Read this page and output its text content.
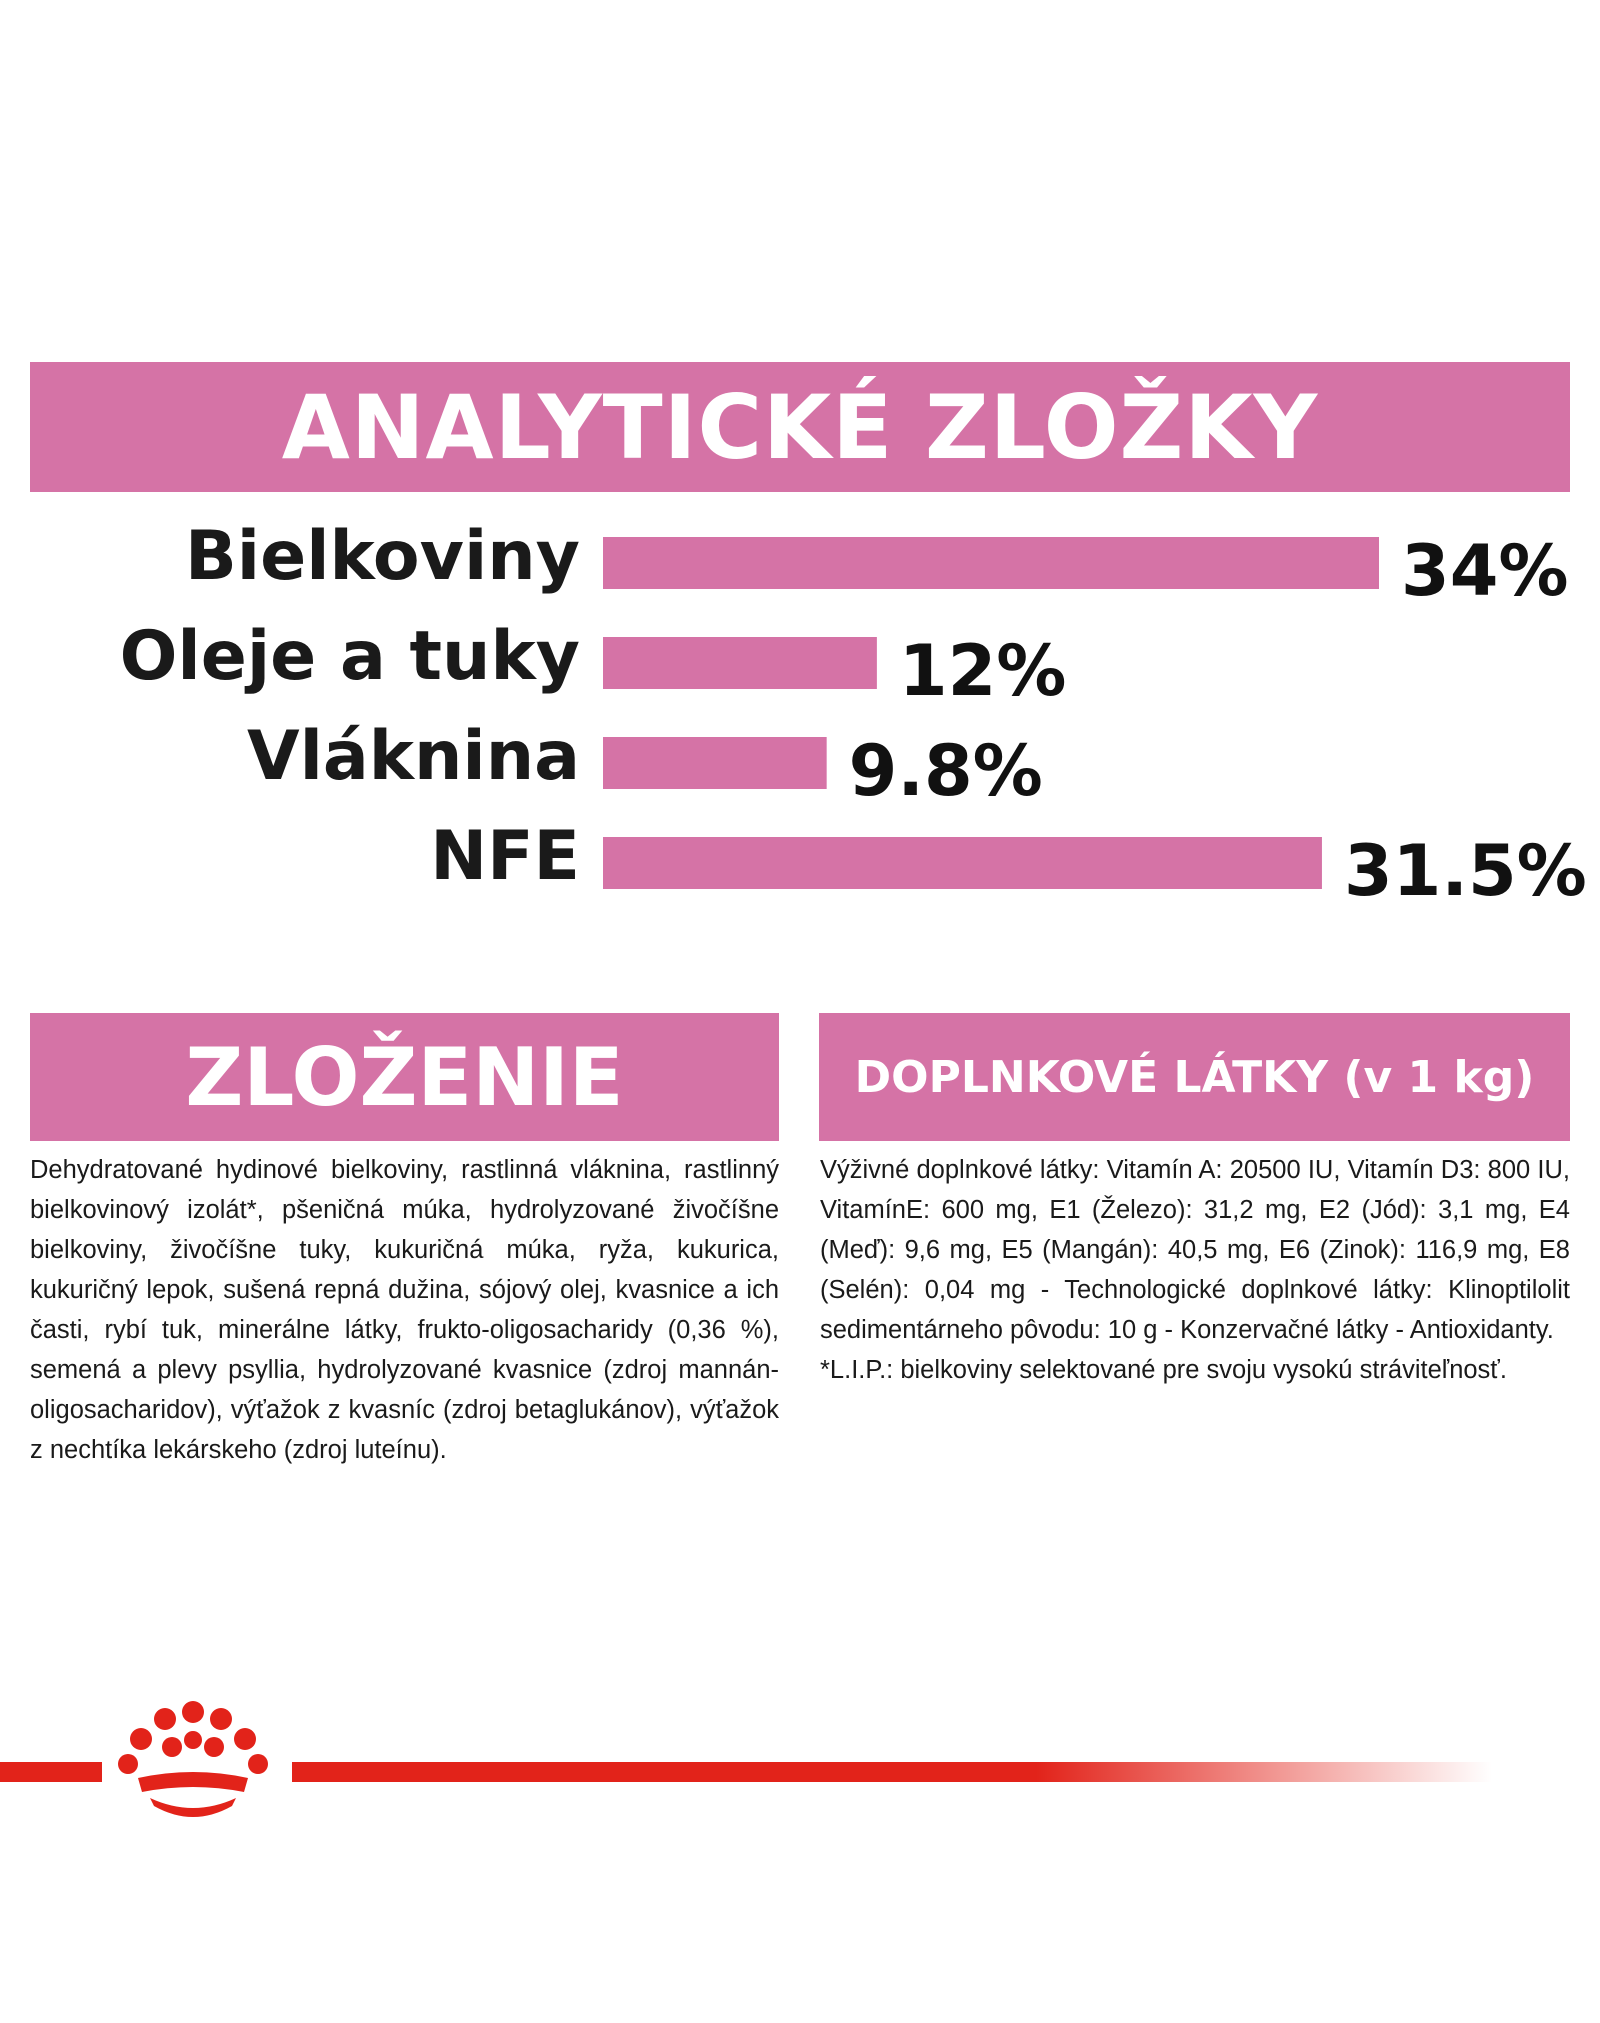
ANALYTICKÉ ZLOŽKY
Bielkoviny	34%
Oleje a tuky	12%
Vláknina	9.8%
NFE	31.5%
ZLOŽENIE	DOPLNKOVÉ LÁTKY (v 1 kg)

Dehydratované hydinové bielkoviny, rastlinná vláknina, rastlinný bielkovinový izolát*, pšeničná múka, hydrolyzované živočíšne bielkoviny, živočíšne tuky, kukuričná múka, ryža, kukurica, kukuričný lepok, sušená repná dužina, sójový olej, kvasnice a ich časti, rybí tuk, minerálne látky, frukto-oligosacharidy (0,36 %), semená a plevy psyllia, hydrolyzované kvasnice (zdroj mannán-oligosacharidov), výťažok z kvasníc (zdroj betaglukánov), výťažok z nechtíka lekárskeho (zdroj luteínu).

Výživné doplnkové látky: Vitamín A: 20500 IU, Vitamín D3: 800 IU, VitamínE: 600 mg, E1 (Železo): 31,2 mg, E2 (Jód): 3,1 mg, E4 (Meď): 9,6 mg, E5 (Mangán): 40,5 mg, E6 (Zinok): 116,9 mg, E8 (Selén): 0,04 mg - Technologické doplnkové látky: Klinoptilolit sedimentárneho pôvodu: 10 g - Konzervačné látky - Antioxidanty.

*L.I.P.: bielkoviny selektované pre svoju vysokú stráviteľnosť.
